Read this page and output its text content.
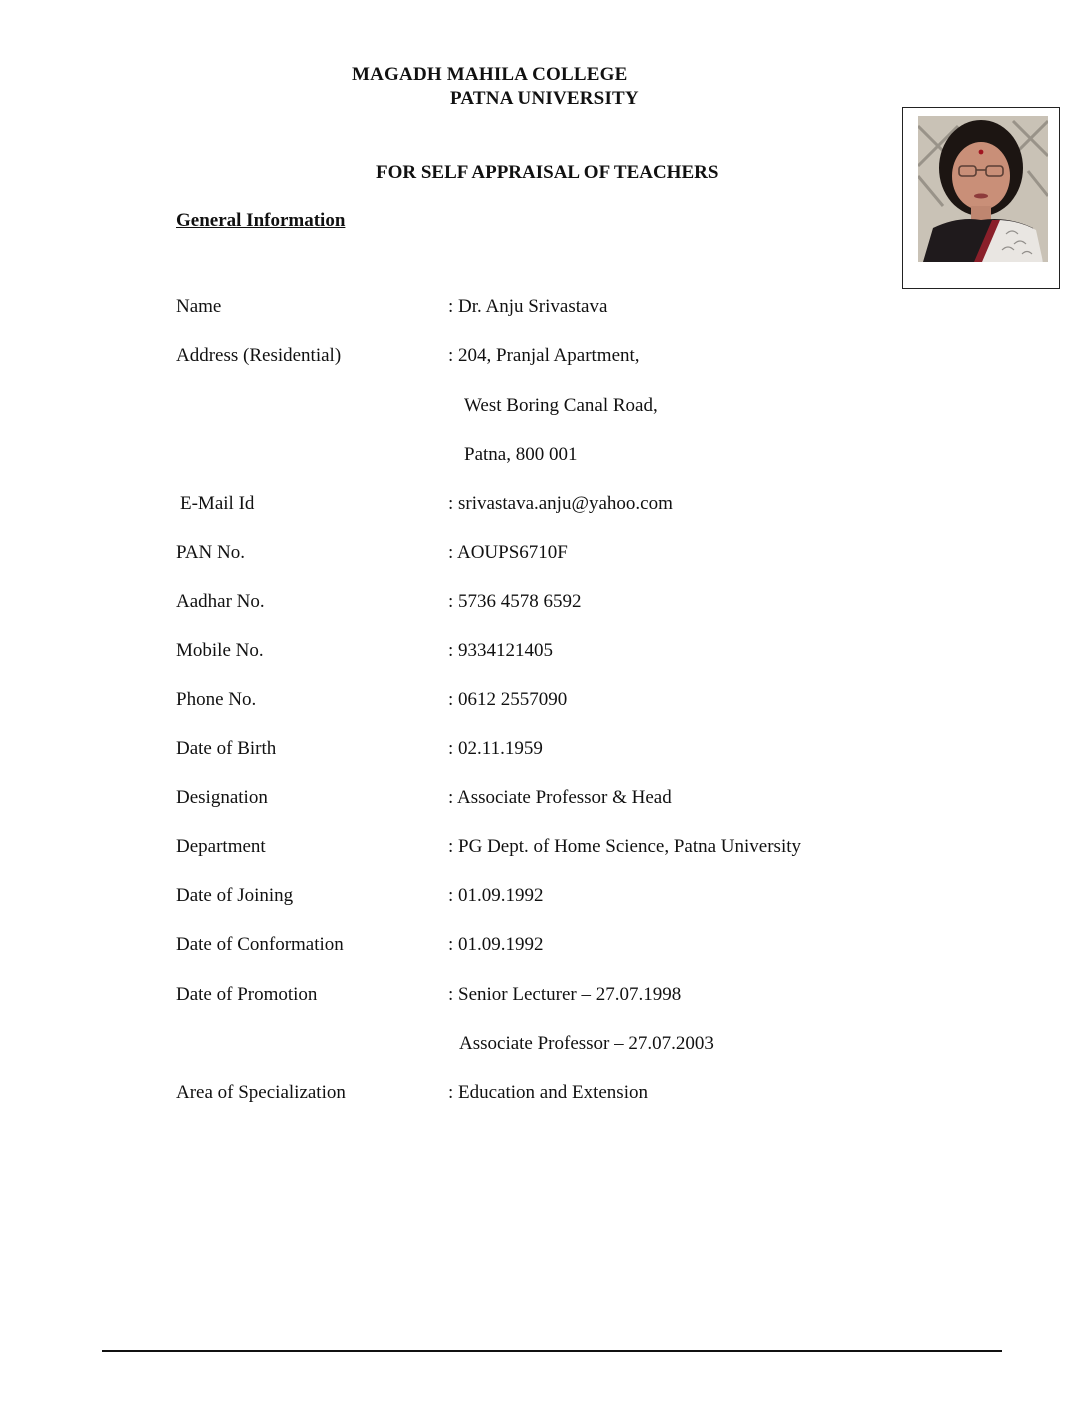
MAGADH MAHILA COLLEGE
PATNA UNIVERSITY
FOR SELF APPRAISAL OF TEACHERS
General Information
Name	: Dr. Anju Srivastava
Address (Residential)	: 204, Pranjal Apartment,
West Boring Canal Road,
Patna, 800 001
E-Mail Id	: srivastava.anju@yahoo.com
PAN No.	: AOUPS6710F
Aadhar No.	: 5736 4578 6592
Mobile No.	: 9334121405
Phone No.	: 0612 2557090
Date of Birth	: 02.11.1959
Designation	: Associate Professor & Head
Department	: PG Dept. of Home Science, Patna University
Date of Joining	: 01.09.1992
Date of Conformation	: 01.09.1992
Date of Promotion	: Senior Lecturer – 27.07.1998
Associate Professor – 27.07.2003
Area of Specialization	: Education and Extension
